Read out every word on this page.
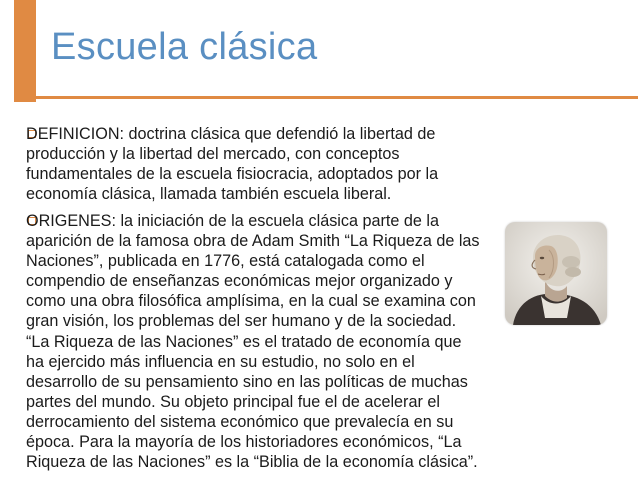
Escuela clásica
DEFINICION: doctrina clásica que defendió la libertad de producción y la libertad del mercado, con conceptos fundamentales de la escuela fisiocracia, adoptados por la economía clásica, llamada también escuela liberal.
ORIGENES: la iniciación de la escuela clásica parte de la aparición de la famosa obra de Adam Smith “La Riqueza de las Naciones”, publicada en 1776, está catalogada como el compendio de enseñanzas económicas mejor organizado y como una obra filosófica amplísima, en la cual se examina con gran visión, los problemas del ser humano y de la sociedad. “La Riqueza de las Naciones” es el tratado de economía que ha ejercido más influencia en su estudio, no solo en el desarrollo de su pensamiento sino en las políticas de muchas partes del mundo. Su objeto principal fue el de acelerar el derrocamiento del sistema económico que prevalecía en su época. Para la mayoría de los historiadores económicos, “La Riqueza de las Naciones” es la “Biblia de la economía clásica”.
